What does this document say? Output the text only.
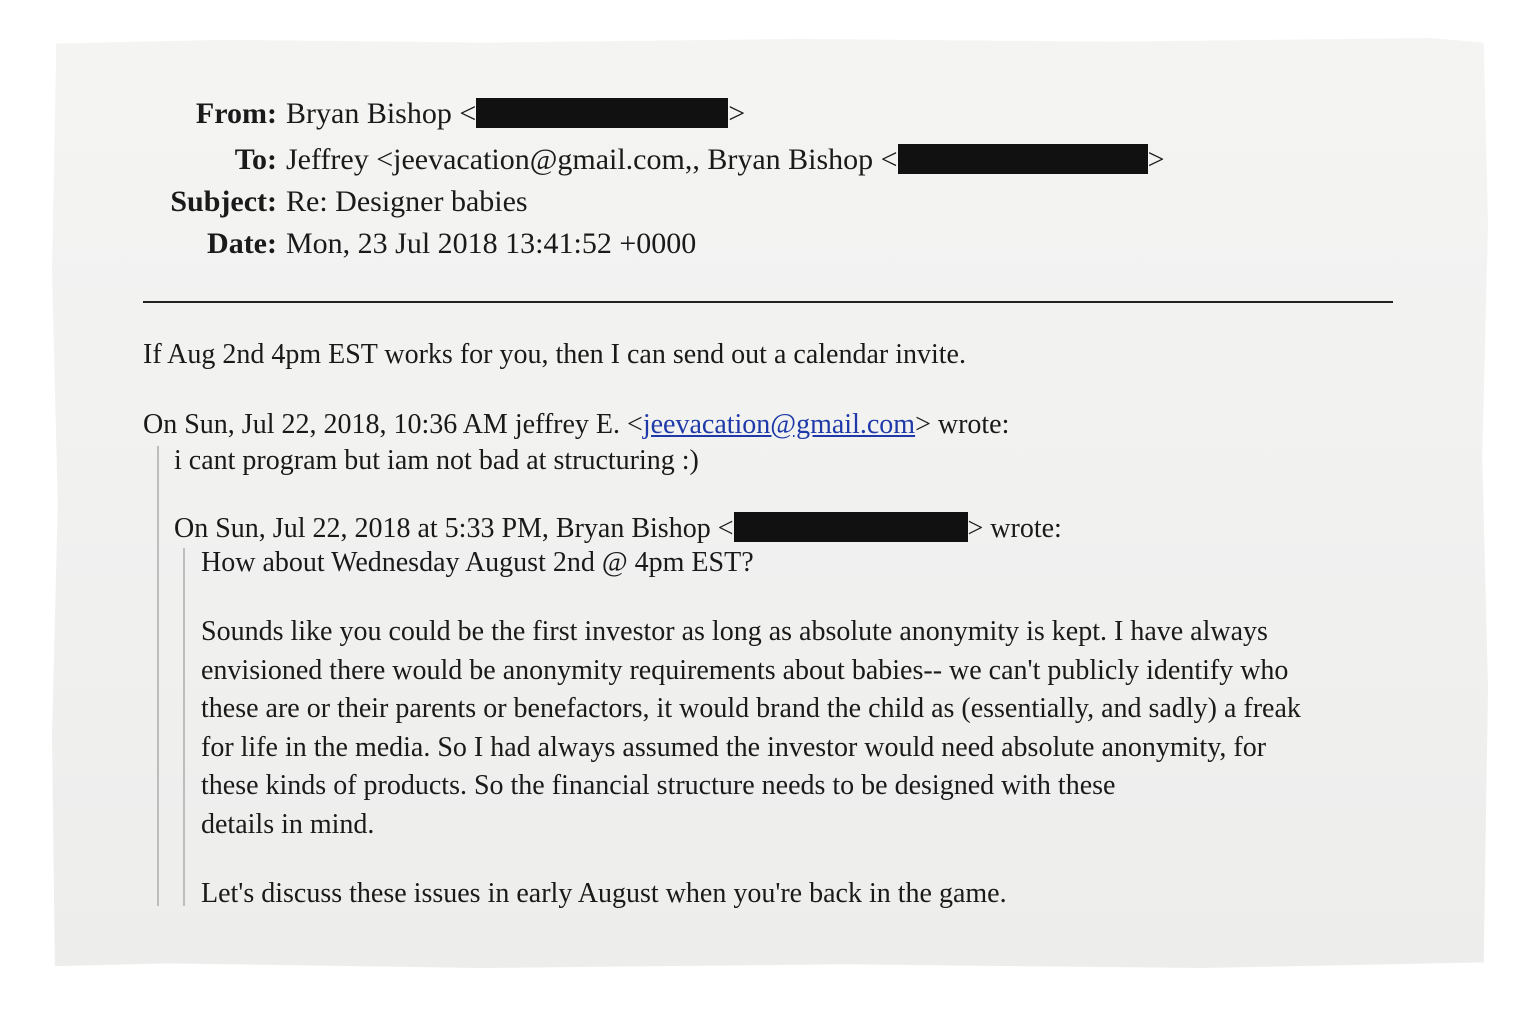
From: Bryan Bishop <	>
To: Jeffrey <jeevacation@gmail.com,, Bryan Bishop <	>
Subject: Re: Designer babies
Date: Mon, 23 Jul 2018 13:41:52 +0000
If Aug 2nd 4pm EST works for you, then I can send out a calendar invite.
On Sun, Jul 22, 2018, 10:36 AM jeffrey E. <jeevacation@gmail.com> wrote:
i cant program but iam not bad at structuring :)
On Sun, Jul 22, 2018 at 5:33 PM, Bryan Bishop <	> wrote:
How about Wednesday August 2nd @ 4pm EST?
Sounds like you could be the first investor as long as absolute anonymity is kept. I have always
envisioned there would be anonymity requirements about babies-- we can't publicly identify who
these are or their parents or benefactors, it would brand the child as (essentially, and sadly) a freak
for life in the media. So I had always assumed the investor would need absolute anonymity, for
these kinds of products. So the financial structure needs to be designed with these
details in mind.
Let's discuss these issues in early August when you're back in the game.
